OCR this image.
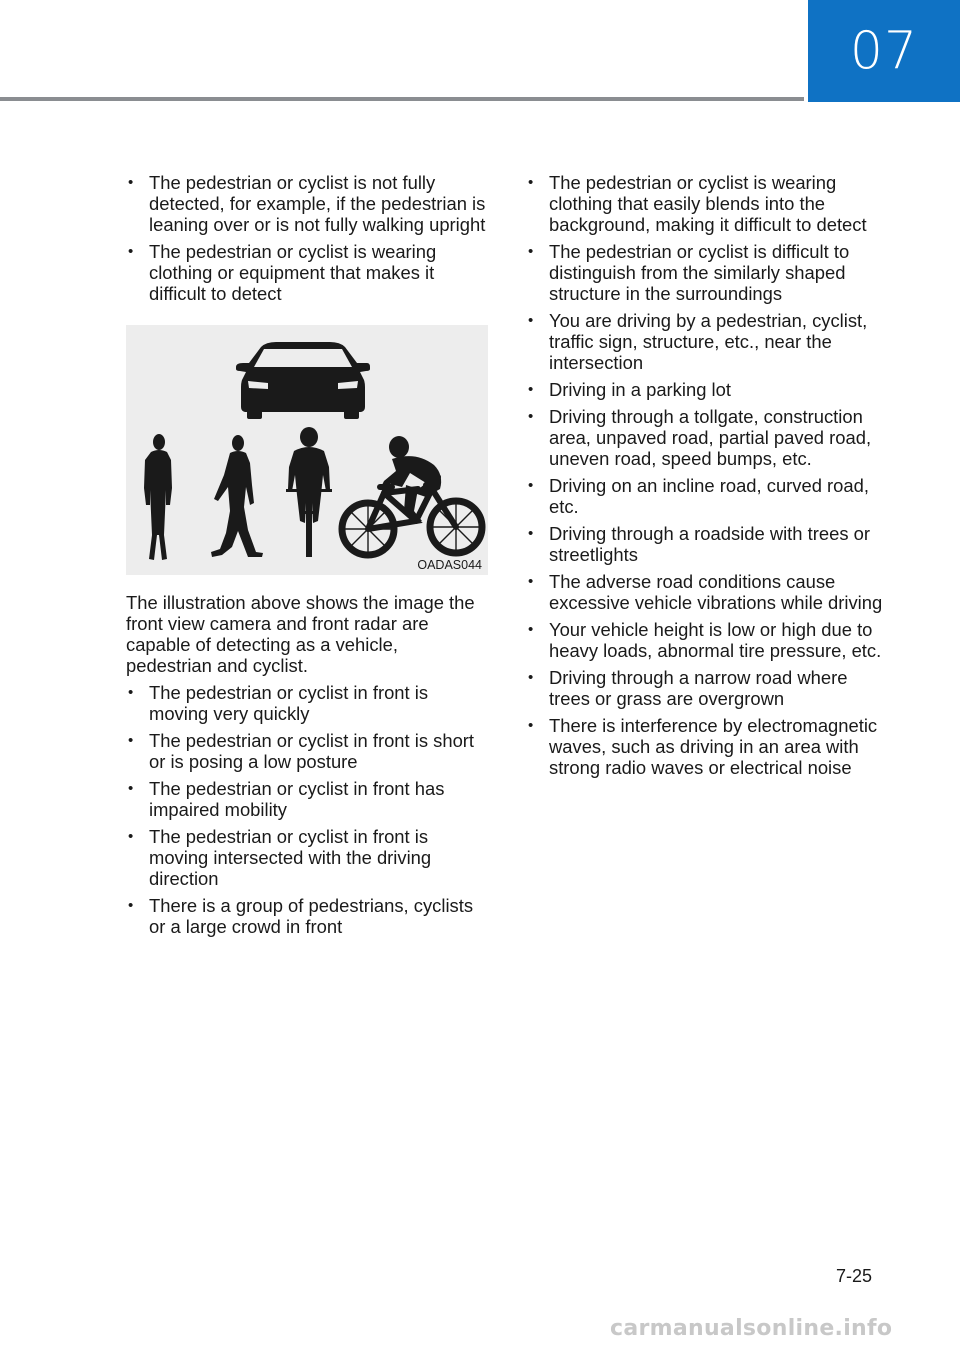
07
• The pedestrian or cyclist is not fully detected, for example, if the pedestrian is leaning over or is not fully walking upright
• The pedestrian or cyclist is wearing clothing or equipment that makes it difficult to detect
OADAS044

The illustration above shows the image the front view camera and front radar are capable of detecting as a vehicle, pedestrian and cyclist.

• The pedestrian or cyclist in front is moving very quickly
• The pedestrian or cyclist in front is short or is posing a low posture
• The pedestrian or cyclist in front has impaired mobility
• The pedestrian or cyclist in front is moving intersected with the driving direction
• There is a group of pedestrians, cyclists or a large crowd in front
• The pedestrian or cyclist is wearing clothing that easily blends into the background, making it difficult to detect
• The pedestrian or cyclist is difficult to distinguish from the similarly shaped structure in the surroundings
• You are driving by a pedestrian, cyclist, traffic sign, structure, etc., near the intersection
• Driving in a parking lot
• Driving through a tollgate, construction area, unpaved road, partial paved road, uneven road, speed bumps, etc.
• Driving on an incline road, curved road, etc.
• Driving through a roadside with trees or streetlights
• The adverse road conditions cause excessive vehicle vibrations while driving
• Your vehicle height is low or high due to heavy loads, abnormal tire pressure, etc.
• Driving through a narrow road where trees or grass are overgrown
• There is interference by electromagnetic waves, such as driving in an area with strong radio waves or electrical noise
7-25
carmanualsonline.info
